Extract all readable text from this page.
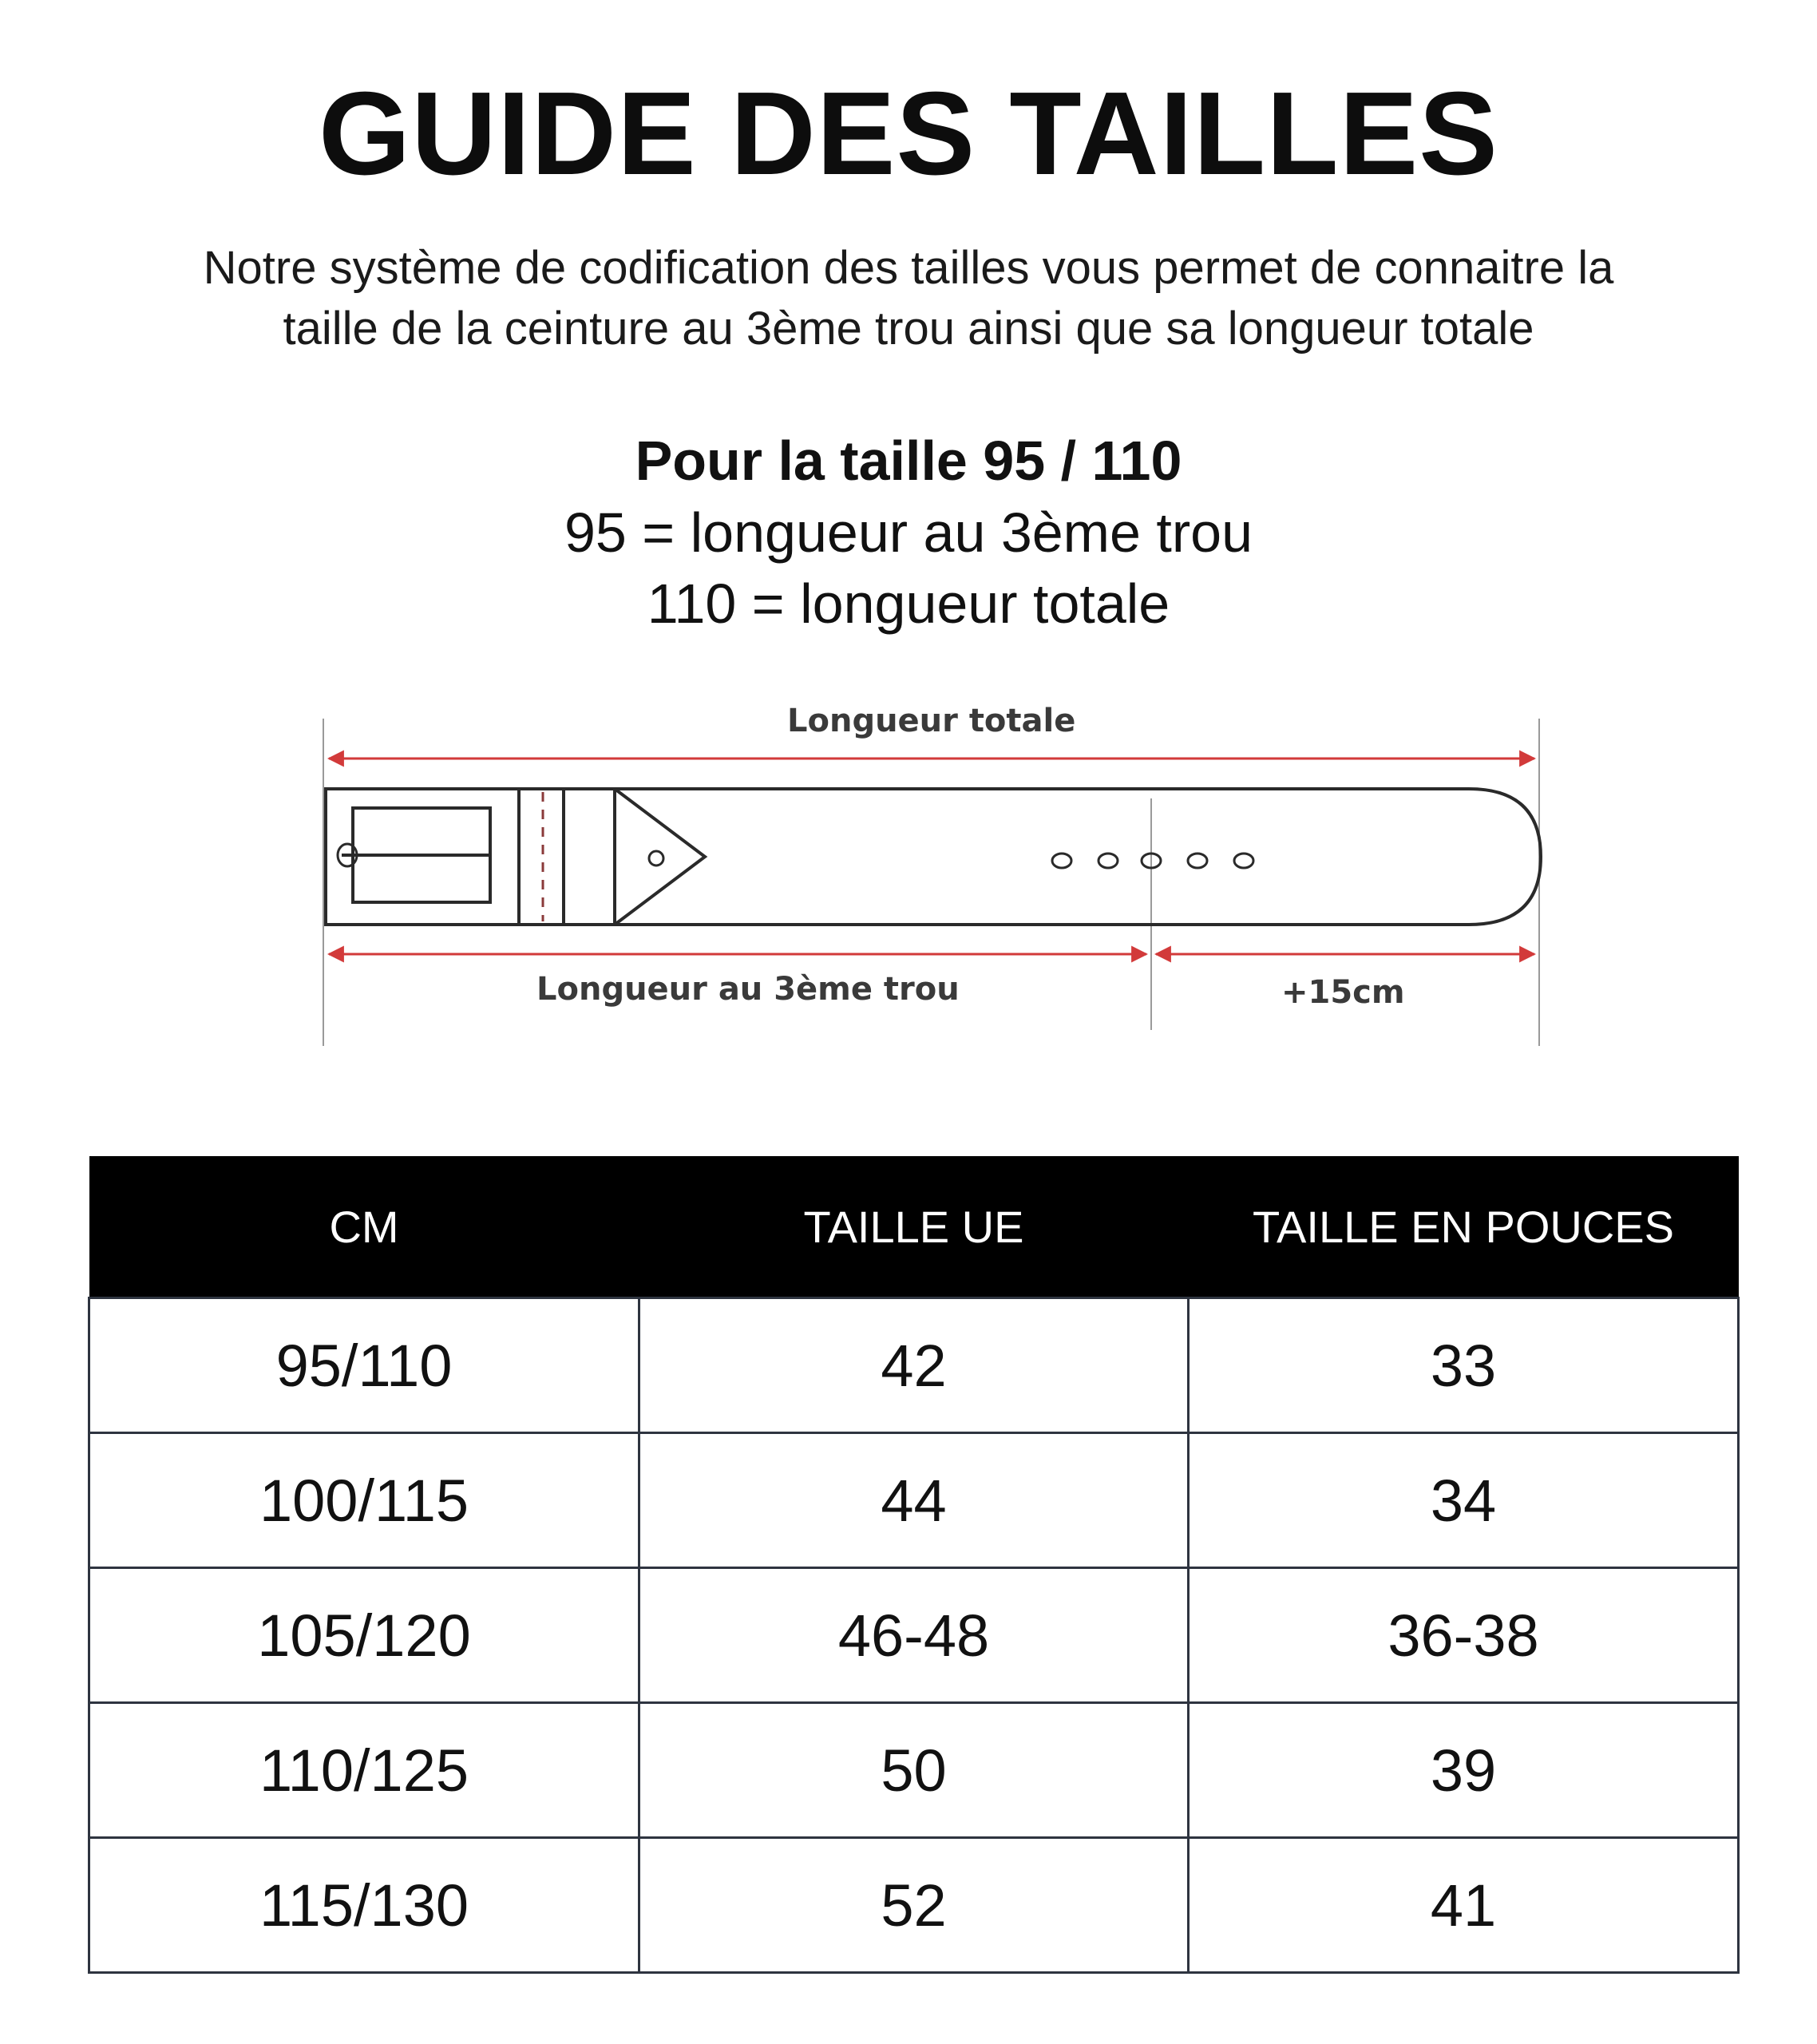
GUIDE DES TAILLES
Notre système de codification des tailles vous permet de connaitre la
taille de la ceinture au 3ème trou ainsi que sa longueur totale
Pour la taille 95 / 110
95 = longueur au 3ème trou
110 = longueur totale
Longueur totale
Longueur au 3ème trou	+15cm
CM	TAILLE UE	TAILLE EN POUCES
95/110	42	33
100/115	44	34
105/120	46-48	36-38
110/125	50	39
115/130	52	41
